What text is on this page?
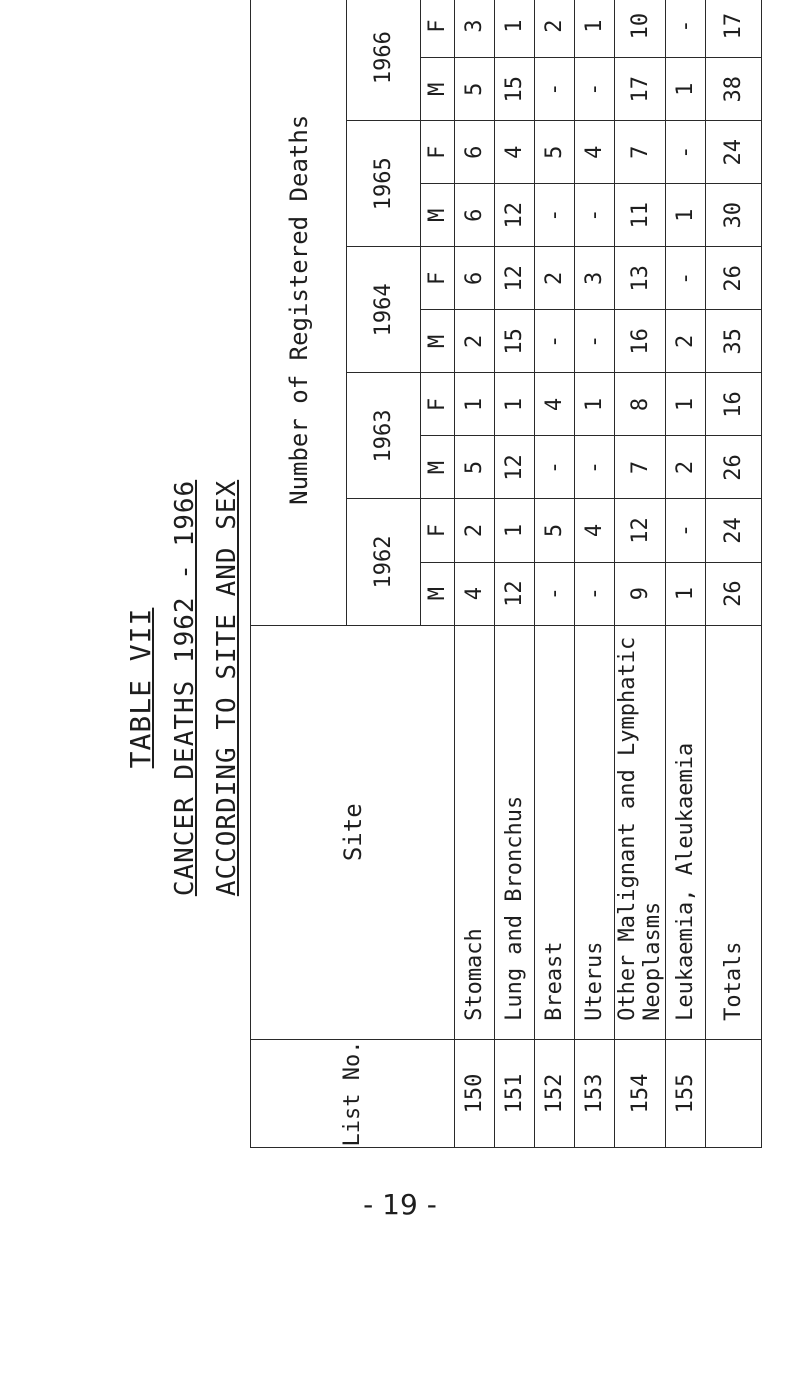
TABLE VII CANCER DEATHS 1962 - 1966 ACCORDING TO SITE AND SEX
List No.	Site	Number of Registered Deaths									
		1962		1963		1964		1965		1966	
		M	F	M	F	M	F	M	F	M	F
150	Stomach	4	2	5	1	2	6	6	6	5	3
151	Lung and Bronchus	12	1	12	1	15	12	12	4	15	1
152	Breast	-	5	-	4	-	2	-	5	-	2
153	Uterus	-	4	-	1	-	3	-	4	-	1
154	Other Malignant and Lymphatic Neoplasms	9	12	7	8	16	13	11	7	17	10
155	Leukaemia, Aleukaemia	1	-	2	1	2	-	1	-	1	-
	Totals	26	24	26	16	35	26	30	24	38	17
- 19 -
